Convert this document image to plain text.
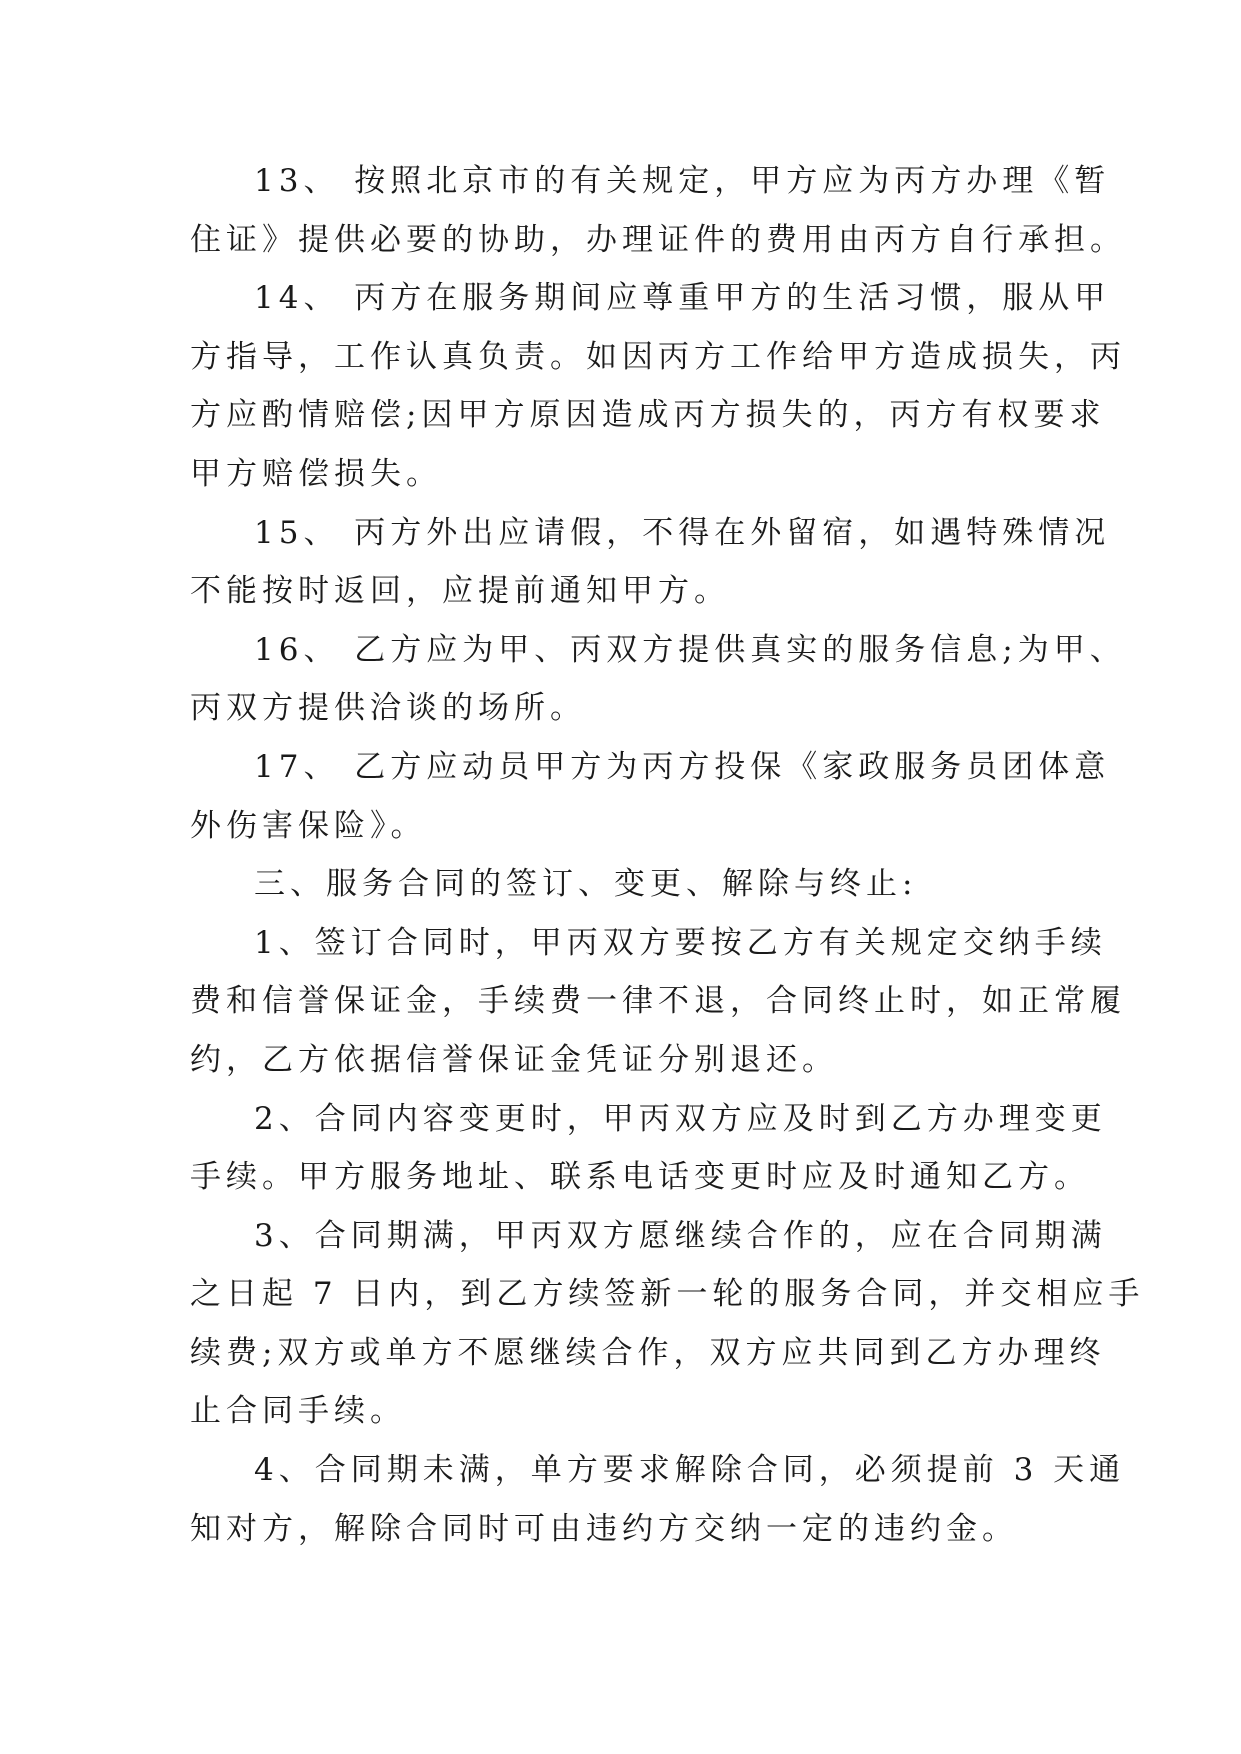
13、 按照北京市的有关规定，甲方应为丙方办理《暂
住证》提供必要的协助，办理证件的费用由丙方自行承担。
14、 丙方在服务期间应尊重甲方的生活习惯，服从甲
方指导，工作认真负责。如因丙方工作给甲方造成损失，丙
方应酌情赔偿;因甲方原因造成丙方损失的，丙方有权要求
甲方赔偿损失。
15、 丙方外出应请假，不得在外留宿，如遇特殊情况
不能按时返回，应提前通知甲方。
16、 乙方应为甲、丙双方提供真实的服务信息;为甲、
丙双方提供洽谈的场所。
17、 乙方应动员甲方为丙方投保《家政服务员团体意
外伤害保险》。
三、服务合同的签订、变更、解除与终止:
1、签订合同时，甲丙双方要按乙方有关规定交纳手续
费和信誉保证金，手续费一律不退，合同终止时，如正常履
约，乙方依据信誉保证金凭证分别退还。
2、合同内容变更时，甲丙双方应及时到乙方办理变更
手续。甲方服务地址、联系电话变更时应及时通知乙方。
3、合同期满，甲丙双方愿继续合作的，应在合同期满
之日起 7 日内，到乙方续签新一轮的服务合同，并交相应手
续费;双方或单方不愿继续合作，双方应共同到乙方办理终
止合同手续。
4、合同期未满，单方要求解除合同，必须提前 3 天通
知对方，解除合同时可由违约方交纳一定的违约金。
